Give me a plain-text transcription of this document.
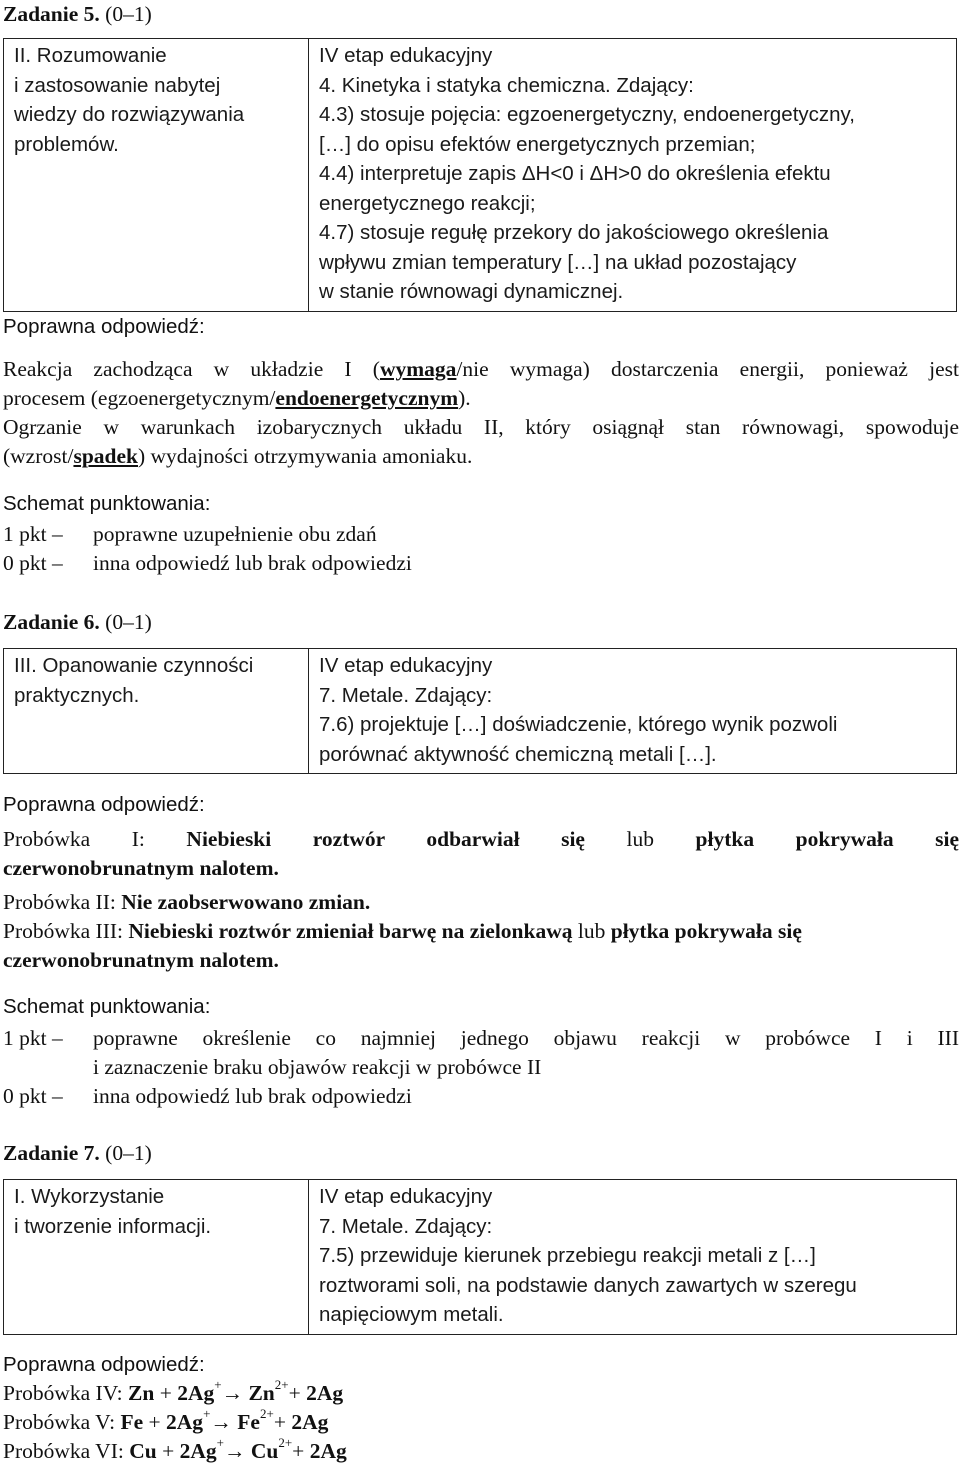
Zadanie 5. (0–1)
II. Rozumowanie
i zastosowanie nabytej
wiedzy do rozwiązywania
problemów.

IV etap edukacyjny
4. Kinetyka i statyka chemiczna. Zdający:
4.3) stosuje pojęcia: egzoenergetyczny, endoenergetyczny,
[…] do opisu efektów energetycznych przemian;
4.4) interpretuje zapis ΔH<0 i ΔH>0 do określenia efektu
energetycznego reakcji;
4.7) stosuje regułę przekory do jakościowego określenia
wpływu zmian temperatury […] na układ pozostający
w stanie równowagi dynamicznej.
Poprawna odpowiedź:
Reakcja zachodząca w układzie I (wymaga/nie wymaga) dostarczenia energii, ponieważ jest
procesem (egzoenergetycznym/endoenergetycznym).
Ogrzanie w warunkach izobarycznych układu II, który osiągnął stan równowagi, spowoduje
(wzrost/spadek) wydajności otrzymywania amoniaku.
Schemat punktowania:
1 pkt –	poprawne uzupełnienie obu zdań
0 pkt –	inna odpowiedź lub brak odpowiedzi
Zadanie 6. (0–1)
III. Opanowanie czynności
praktycznych.

IV etap edukacyjny
7. Metale. Zdający:
7.6) projektuje […] doświadczenie, którego wynik pozwoli
porównać aktywność chemiczną metali […].
Poprawna odpowiedź:
Probówka I: Niebieski roztwór odbarwiał się lub płytka pokrywała się
czerwonobrunatnym nalotem.
Probówka II: Nie zaobserwowano zmian.
Probówka III: Niebieski roztwór zmieniał barwę na zielonkawą lub płytka pokrywała się
czerwonobrunatnym nalotem.
Schemat punktowania:
1 pkt –	poprawne określenie co najmniej jednego objawu reakcji w probówce I i III
i zaznaczenie braku objawów reakcji w probówce II
0 pkt –	inna odpowiedź lub brak odpowiedzi
Zadanie 7. (0–1)
I. Wykorzystanie
i tworzenie informacji.

IV etap edukacyjny
7. Metale. Zdający:
7.5) przewiduje kierunek przebiegu reakcji metali z […]
roztworami soli, na podstawie danych zawartych w szeregu
napięciowym metali.
Poprawna odpowiedź:
Probówka IV: $Zn + 2Ag^+\to Zn^{2+}+ 2Ag$
Probówka V: $Fe + 2Ag^+\to Fe^{2+}+ 2Ag$
Probówka VI: $Cu + 2Ag^+\to Cu^{2+}+ 2Ag$
